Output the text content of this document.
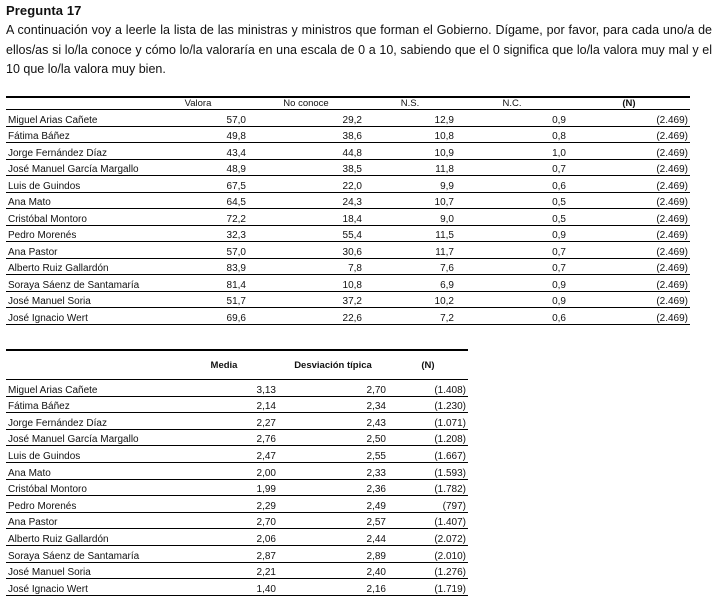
Pregunta 17
A continuación voy a leerle la lista de las ministras y ministros que forman el Gobierno. Dígame, por favor, para cada uno/a de ellos/as si lo/la conoce y cómo lo/la valoraría en una escala de 0 a 10, sabiendo que el 0 significa que lo/la valora muy mal y el 10 que lo/la valora muy bien.
	Valora	No conoce	N.S.	N.C.	(N)
Miguel Arias Cañete	57,0	29,2	12,9	0,9	(2.469)
Fátima Báñez	49,8	38,6	10,8	0,8	(2.469)
Jorge Fernández Díaz	43,4	44,8	10,9	1,0	(2.469)
José Manuel García Margallo	48,9	38,5	11,8	0,7	(2.469)
Luis de Guindos	67,5	22,0	9,9	0,6	(2.469)
Ana Mato	64,5	24,3	10,7	0,5	(2.469)
Cristóbal Montoro	72,2	18,4	9,0	0,5	(2.469)
Pedro Morenés	32,3	55,4	11,5	0,9	(2.469)
Ana Pastor	57,0	30,6	11,7	0,7	(2.469)
Alberto Ruiz Gallardón	83,9	7,8	7,6	0,7	(2.469)
Soraya Sáenz de Santamaría	81,4	10,8	6,9	0,9	(2.469)
José Manuel Soria	51,7	37,2	10,2	0,9	(2.469)
José Ignacio Wert	69,6	22,6	7,2	0,6	(2.469)
	Media	Desviación típica	(N)
Miguel Arias Cañete	3,13	2,70	(1.408)
Fátima Báñez	2,14	2,34	(1.230)
Jorge Fernández Díaz	2,27	2,43	(1.071)
José Manuel García Margallo	2,76	2,50	(1.208)
Luis de Guindos	2,47	2,55	(1.667)
Ana Mato	2,00	2,33	(1.593)
Cristóbal Montoro	1,99	2,36	(1.782)
Pedro Morenés	2,29	2,49	(797)
Ana Pastor	2,70	2,57	(1.407)
Alberto Ruiz Gallardón	2,06	2,44	(2.072)
Soraya Sáenz de Santamaría	2,87	2,89	(2.010)
José Manuel Soria	2,21	2,40	(1.276)
José Ignacio Wert	1,40	2,16	(1.719)
